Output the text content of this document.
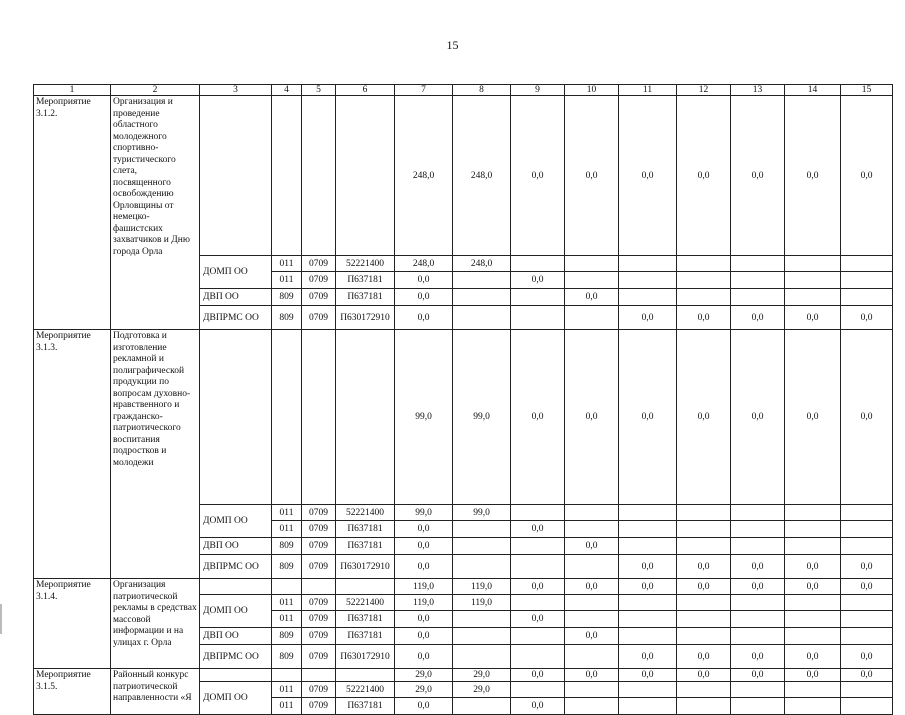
15
1	2	3	4	5	6	7	8	9	10	11	12	13	14	15
Мероприятие 3.1.2.	Организация и проведение областного молодежного спортивно-туристического слета, посвященного освобождению Орловщины от немецко-фашистских захватчиков и Дню города Орла					248,0	248,0	0,0	0,0	0,0	0,0	0,0	0,0	0,0
		ДОМП ОО	011	0709	52221400	248,0	248,0							
			011	0709	П637181	0,0		0,0						
		ДВП ОО	809	0709	П637181	0,0			0,0					
		ДВПРМС ОО	809	0709	П630172910	0,0				0,0	0,0	0,0	0,0	0,0
Мероприятие 3.1.3.	Подготовка и изготовление рекламной и полиграфической продукции по вопросам духовно-нравственного и гражданско-патриотического воспитания подростков и молодежи					99,0	99,0	0,0	0,0	0,0	0,0	0,0	0,0	0,0
		ДОМП ОО	011	0709	52221400	99,0	99,0							
			011	0709	П637181	0,0		0,0						
		ДВП ОО	809	0709	П637181	0,0			0,0					
		ДВПРМС ОО	809	0709	П630172910	0,0				0,0	0,0	0,0	0,0	0,0
Мероприятие 3.1.4.	Организация патриотической рекламы в средствах массовой информации и на улицах г. Орла					119,0	119,0	0,0	0,0	0,0	0,0	0,0	0,0	0,0
		ДОМП ОО	011	0709	52221400	119,0	119,0							
			011	0709	П637181	0,0		0,0						
		ДВП ОО	809	0709	П637181	0,0			0,0					
		ДВПРМС ОО	809	0709	П630172910	0,0				0,0	0,0	0,0	0,0	0,0
Мероприятие 3.1.5.	Районный конкурс патриотической направленности «Я					29,0	29,0	0,0	0,0	0,0	0,0	0,0	0,0	0,0
		ДОМП ОО	011	0709	52221400	29,0	29,0							
			011	0709	П637181	0,0		0,0						
